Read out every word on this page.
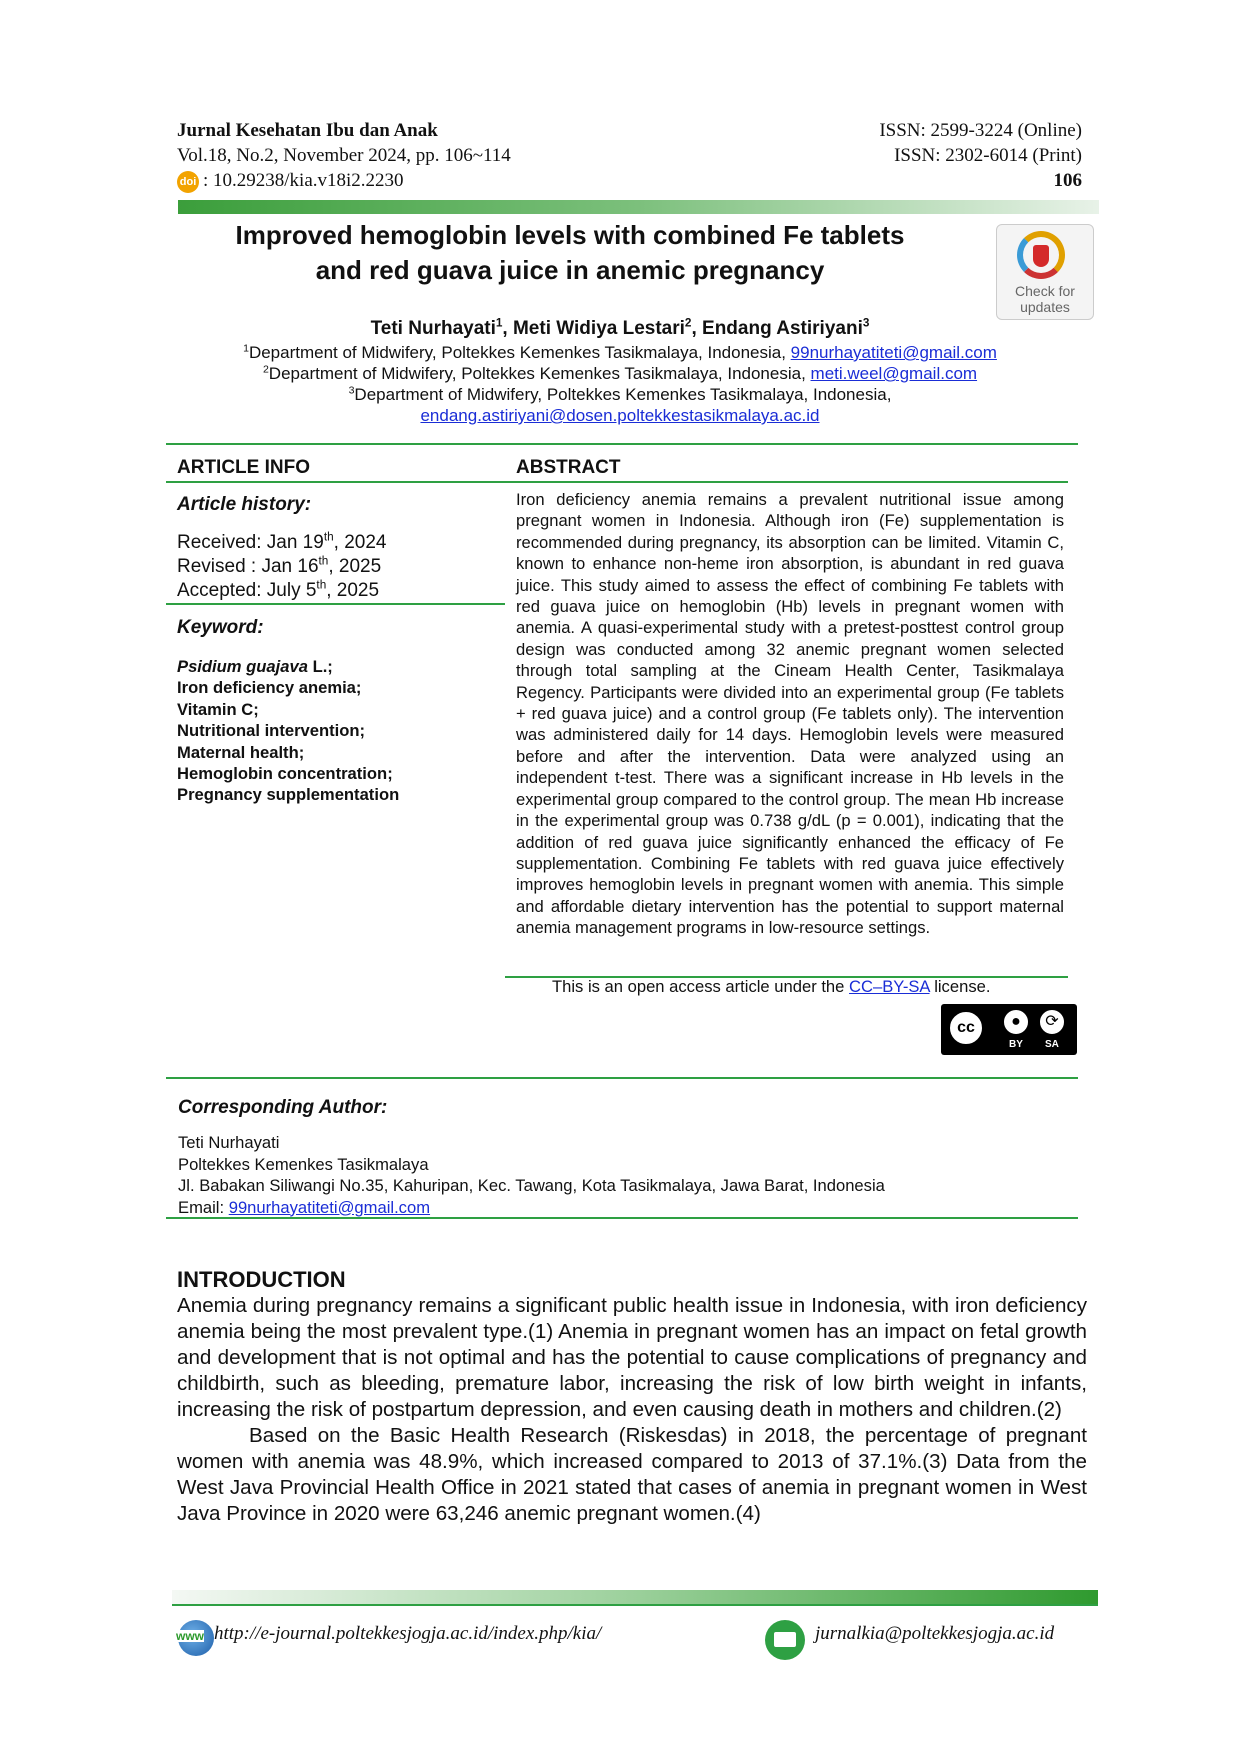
Jurnal Kesehatan Ibu dan Anak
Vol.18, No.2, November 2024, pp. 106~114
doi : 10.29238/kia.v18i2.2230
ISSN: 2599-3224 (Online)
ISSN: 2302-6014 (Print)
106
Improved hemoglobin levels with combined Fe tablets
and red guava juice in anemic pregnancy
Check for
updates
Teti Nurhayati$^1$, Meti Widiya Lestari$^2$, Endang Astiriyani$^3$
$^1$Department of Midwifery, Poltekkes Kemenkes Tasikmalaya, Indonesia, 99nurhayatiteti@gmail.com
$^2$Department of Midwifery, Poltekkes Kemenkes Tasikmalaya, Indonesia, meti.weel@gmail.com
$^3$Department of Midwifery, Poltekkes Kemenkes Tasikmalaya, Indonesia,
endang.astiriyani@dosen.poltekkestasikmalaya.ac.id
ARTICLE INFO
Article history:
Received: Jan 19th, 2024
Revised : Jan 16th, 2025
Accepted: July 5th, 2025
Keyword:
Psidium guajava L.;
Iron deficiency anemia;
Vitamin C;
Nutritional intervention;
Maternal health;
Hemoglobin concentration;
Pregnancy supplementation
ABSTRACT
Iron deficiency anemia remains a prevalent nutritional issue among pregnant women in Indonesia. Although iron (Fe) supplementation is recommended during pregnancy, its absorption can be limited. Vitamin C, known to enhance non-heme iron absorption, is abundant in red guava juice. This study aimed to assess the effect of combining Fe tablets with red guava juice on hemoglobin (Hb) levels in pregnant women with anemia. A quasi-experimental study with a pretest-posttest control group design was conducted among 32 anemic pregnant women selected through total sampling at the Cineam Health Center, Tasikmalaya Regency. Participants were divided into an experimental group (Fe tablets + red guava juice) and a control group (Fe tablets only). The intervention was administered daily for 14 days. Hemoglobin levels were measured before and after the intervention. Data were analyzed using an independent t-test. There was a significant increase in Hb levels in the experimental group compared to the control group. The mean Hb increase in the experimental group was 0.738 g/dL (p = 0.001), indicating that the addition of red guava juice significantly enhanced the efficacy of Fe supplementation. Combining Fe tablets with red guava juice effectively improves hemoglobin levels in pregnant women with anemia. This simple and affordable dietary intervention has the potential to support maternal anemia management programs in low-resource settings.
This is an open access article under the CC–BY-SA license.
cc	●	⟳
BY SA
Corresponding Author:
Teti Nurhayati
Poltekkes Kemenkes Tasikmalaya
Jl. Babakan Siliwangi No.35, Kahuripan, Kec. Tawang, Kota Tasikmalaya, Jawa Barat, Indonesia
Email: 99nurhayatiteti@gmail.com
INTRODUCTION

Anemia during pregnancy remains a significant public health issue in Indonesia, with iron deficiency anemia being the most prevalent type.(1) Anemia in pregnant women has an impact on fetal growth and development that is not optimal and has the potential to cause complications of pregnancy and childbirth, such as bleeding, premature labor, increasing the risk of low birth weight in infants, increasing the risk of postpartum depression, and even causing death in mothers and children.(2)

Based on the Basic Health Research (Riskesdas) in 2018, the percentage of pregnant women with anemia was 48.9%, which increased compared to 2013 of 37.1%.(3) Data from the West Java Provincial Health Office in 2021 stated that cases of anemia in pregnant women in West Java Province in 2020 were 63,246 anemic pregnant women.(4)

www http://e-journal.poltekkesjogja.ac.id/index.php/kia/	jurnalkia@poltekkesjogja.ac.id
